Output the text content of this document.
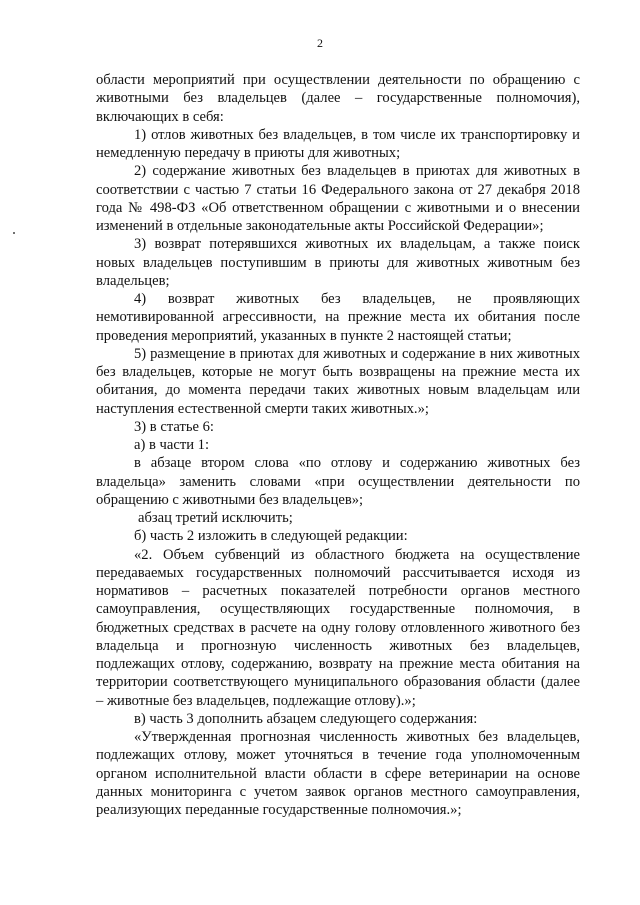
2

области мероприятий при осуществлении деятельности по обращению с животными без владельцев (далее – государственные полномочия), включающих в себя:

1) отлов животных без владельцев, в том числе их транспортировку и немедленную передачу в приюты для животных;

2) содержание животных без владельцев в приютах для животных в соответствии с частью 7 статьи 16 Федерального закона от 27 декабря 2018 года № 498-ФЗ «Об ответственном обращении с животными и о внесении изменений в отдельные законодательные акты Российской Федерации»;

3) возврат потерявшихся животных их владельцам, а также поиск новых владельцев поступившим в приюты для животных животным без владельцев;

4) возврат животных без владельцев, не проявляющих немотивированной агрессивности, на прежние места их обитания после проведения мероприятий, указанных в пункте 2 настоящей статьи;

5) размещение в приютах для животных и содержание в них животных без владельцев, которые не могут быть возвращены на прежние места их обитания, до момента передачи таких животных новым владельцам или наступления естественной смерти таких животных.»;

3) в статье 6:

а) в части 1:

в абзаце втором слова «по отлову и содержанию животных без владельца» заменить словами «при осуществлении деятельности по обращению с животными без владельцев»;

абзац третий исключить;

б) часть 2 изложить в следующей редакции:

«2. Объем субвенций из областного бюджета на осуществление передаваемых государственных полномочий рассчитывается исходя из нормативов – расчетных показателей потребности органов местного самоуправления, осуществляющих государственные полномочия, в бюджетных средствах в расчете на одну голову отловленного животного без владельца и прогнозную численность животных без владельцев, подлежащих отлову, содержанию, возврату на прежние места обитания на территории соответствующего муниципального образования области (далее – животные без владельцев, подлежащие отлову).»;

в) часть 3 дополнить абзацем следующего содержания:

«Утвержденная прогнозная численность животных без владельцев, подлежащих отлову, может уточняться в течение года уполномоченным органом исполнительной власти области в сфере ветеринарии на основе данных мониторинга с учетом заявок органов местного самоуправления, реализующих переданные государственные полномочия.»;
